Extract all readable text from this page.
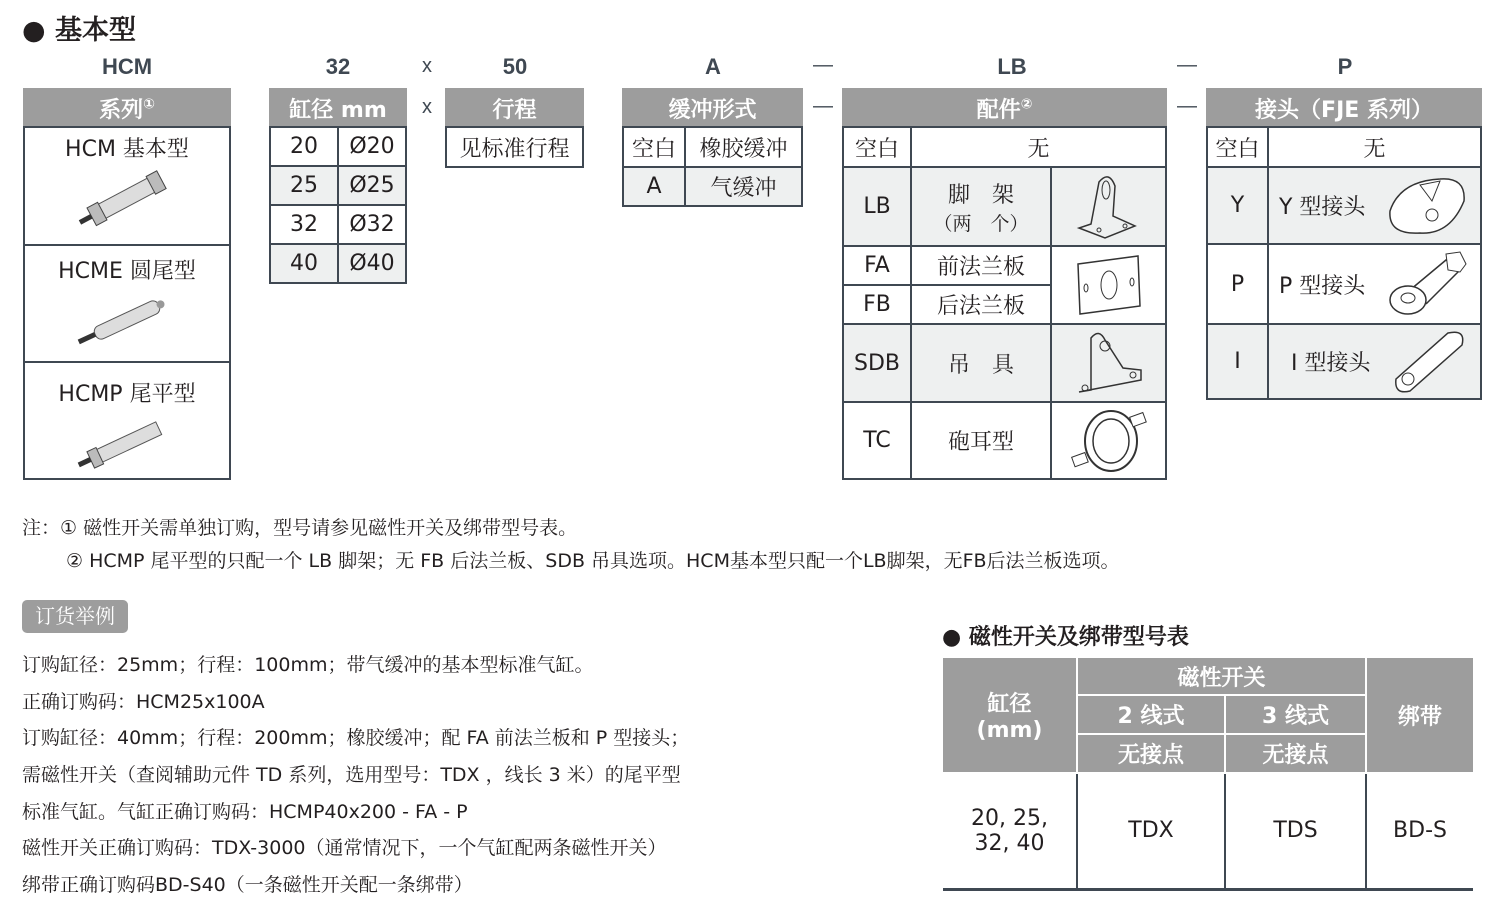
● 基本型
HCM	32	x	50	A	—	LB	—	P
x	—	—
系列①

HCM 基本型

HCME 圆尾型

HCMP 尾平型
缸径 mm	
20	Ø20
25	Ø25
32	Ø32
40	Ø40
行程
见标准行程
缓冲形式	
空白	橡胶缓冲
A	气缓冲
配件②
空白	无	
LB	脚　架
（两　个）

FA	前法兰板	
FB	后法兰板	
SDB	吊　具	
TC	砲耳型	
接头（FJE 系列）	
空白	无
Y	Y 型接头

P	P 型接头

I	I 型接头
注：① 磁性开关需单独订购，型号请参见磁性开关及绑带型号表。
② HCMP 尾平型的只配一个 LB 脚架；无 FB 后法兰板、SDB 吊具选项。HCM基本型只配一个LB脚架，无FB后法兰板选项。
订货举例
订购缸径：25mm；行程：100mm；带气缓冲的基本型标准气缸。
正确订购码：HCM25x100A
订购缸径：40mm；行程：200mm；橡胶缓冲；配 FA 前法兰板和 P 型接头；
需磁性开关（查阅辅助元件 TD 系列，选用型号：TDX ，线长 3 米）的尾平型
标准气缸。气缸正确订购码：HCMP40x200 - FA - P
磁性开关正确订购码：TDX-3000（通常情况下，一个气缸配两条磁性开关）
绑带正确订购码BD-S40（一条磁性开关配一条绑带）
● 磁性开关及绑带型号表
缸径
(mm)	磁性开关		绑带
	2 线式	3 线式	
	无接点	无接点	

20, 25,
32, 40	TDX	TDS	BD-S
